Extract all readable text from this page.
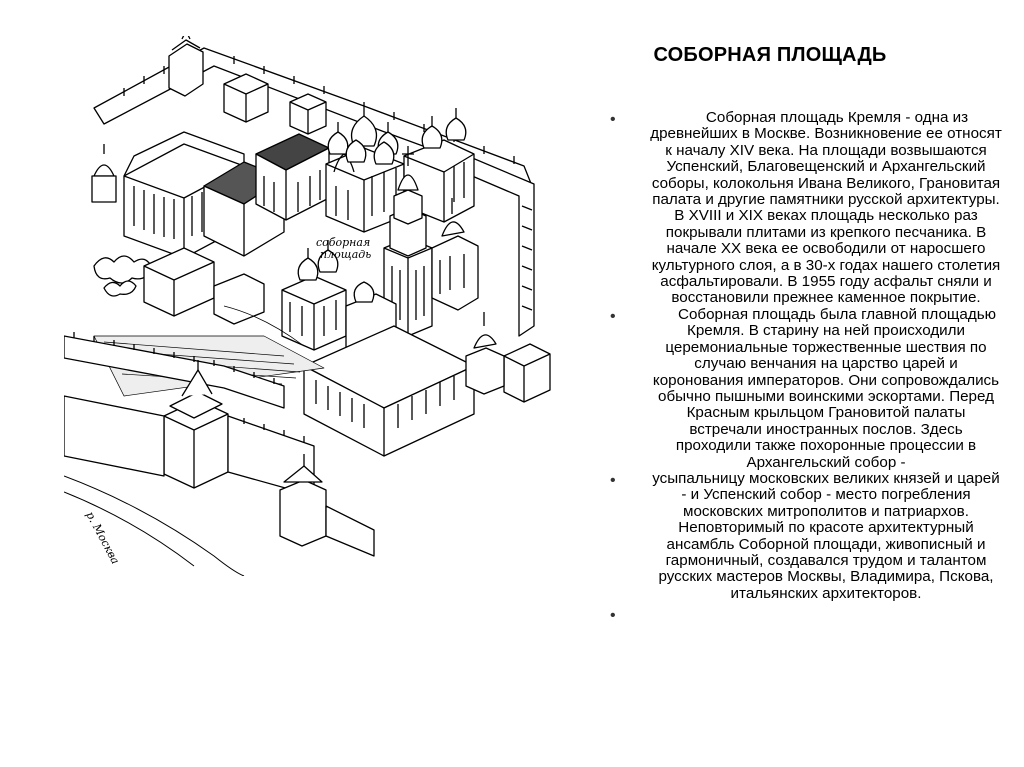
соборная
площадь
р. Москва
СОБОРНАЯ ПЛОЩАДЬ
•	Соборная площадь Кремля - одна из древнейших в Москве. Возникновение ее относят к началу XIV века. На площади возвышаются Успенский, Благовещенский и Архангельский соборы, колокольня Ивана Великого, Грановитая палата и другие памятники русской архитектуры. В XVIII и XIX веках площадь несколько раз покрывали плитами из крепкого песчаника. В начале XX века ее освободили от наросшего культурного слоя, а в 30-х годах нашего столетия асфальтировали. В 1955 году асфальт сняли и восстановили прежнее каменное покрытие.
•	Соборная площадь была главной площадью Кремля. В старину на ней происходили церемониальные торжественные шествия по случаю венчания на царство царей и коронования императоров. Они сопровождались обычно пышными воинскими эскортами. Перед Красным крыльцом Грановитой палаты встречали иностранных послов. Здесь проходили также похоронные процессии в Архангельский собор -
• усыпальницу московских великих князей и царей - и Успенский собор - место погребления московских митрополитов и патриархов. Неповторимый по красоте архитектурный ансамбль Соборной площади, живописный и гармоничный, создавался трудом и талантом русских мастеров Москвы, Владимира, Пскова, итальянских архитекторов.
•
